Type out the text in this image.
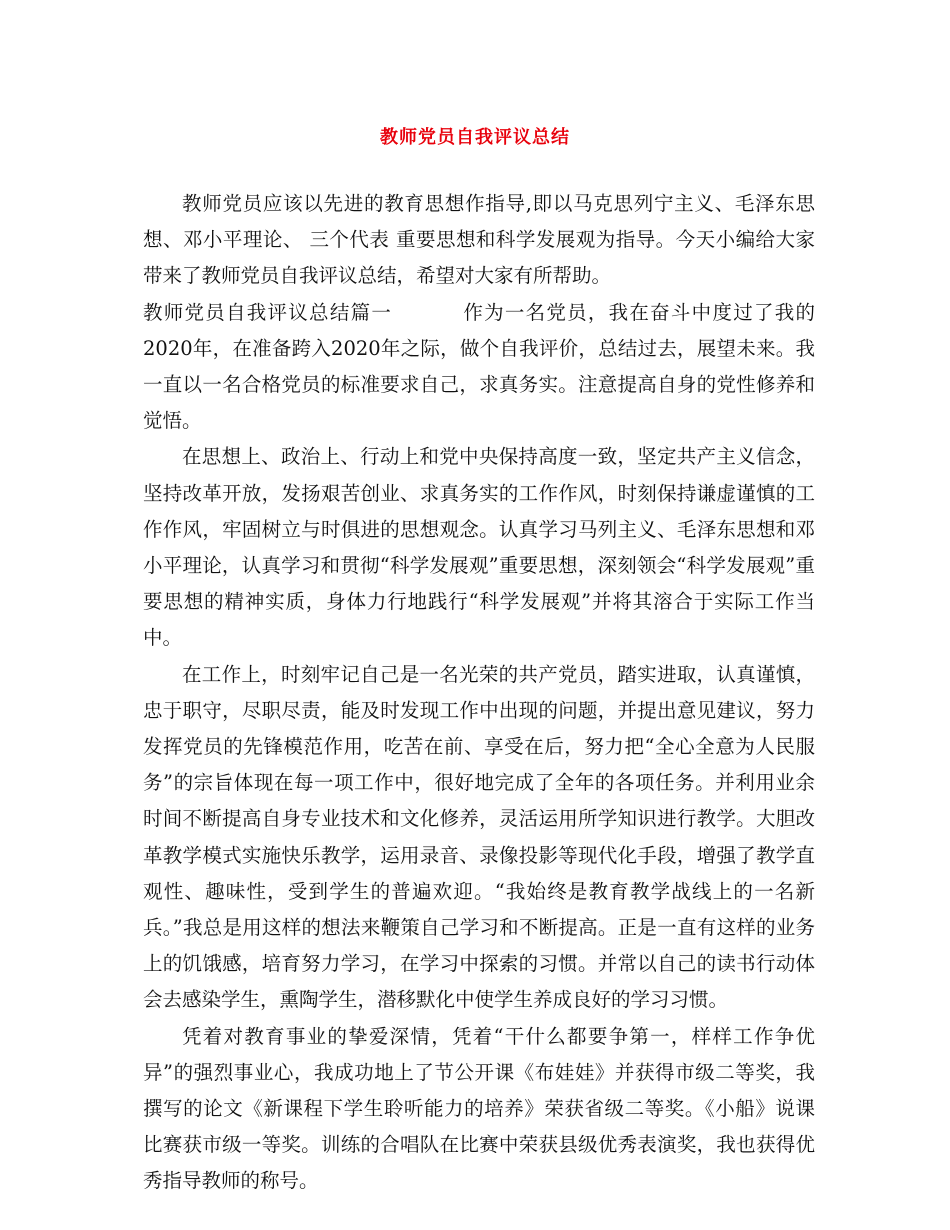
教师党员自我评议总结

教师党员应该以先进的教育思想作指导,即以马克思列宁主义、毛泽东思想、邓小平理论、 三个代表 重要思想和科学发展观为指导。今天小编给大家带来了教师党员自我评议总结，希望对大家有所帮助。

教师党员自我评议总结篇一	作为一名党员，我在奋斗中度过了我的2020年，在准备跨入2020年之际，做个自我评价，总结过去，展望未来。我一直以一名合格党员的标准要求自己，求真务实。注意提高自身的党性修养和觉悟。

在思想上、政治上、行动上和党中央保持高度一致，坚定共产主义信念，坚持改革开放，发扬艰苦创业、求真务实的工作作风，时刻保持谦虚谨慎的工作作风，牢固树立与时俱进的思想观念。认真学习马列主义、毛泽东思想和邓小平理论，认真学习和贯彻“科学发展观”重要思想，深刻领会“科学发展观”重要思想的精神实质，身体力行地践行“科学发展观”并将其溶合于实际工作当中。

在工作上，时刻牢记自己是一名光荣的共产党员，踏实进取，认真谨慎，忠于职守，尽职尽责，能及时发现工作中出现的问题，并提出意见建议，努力发挥党员的先锋模范作用，吃苦在前、享受在后，努力把“全心全意为人民服务”的宗旨体现在每一项工作中，很好地完成了全年的各项任务。并利用业余时间不断提高自身专业技术和文化修养，灵活运用所学知识进行教学。大胆改革教学模式实施快乐教学，运用录音、录像投影等现代化手段，增强了教学直观性、趣味性，受到学生的普遍欢迎。“我始终是教育教学战线上的一名新兵。”我总是用这样的想法来鞭策自己学习和不断提高。正是一直有这样的业务上的饥饿感，培育努力学习，在学习中探索的习惯。并常以自己的读书行动体会去感染学生，熏陶学生，潜移默化中使学生养成良好的学习习惯。

凭着对教育事业的挚爱深情，凭着“干什么都要争第一，样样工作争优异”的强烈事业心，我成功地上了节公开课《布娃娃》并获得市级二等奖，我撰写的论文《新课程下学生聆听能力的培养》荣获省级二等奖。《小船》说课比赛获市级一等奖。训练的合唱队在比赛中荣获县级优秀表演奖，我也获得优秀指导教师的称号。
